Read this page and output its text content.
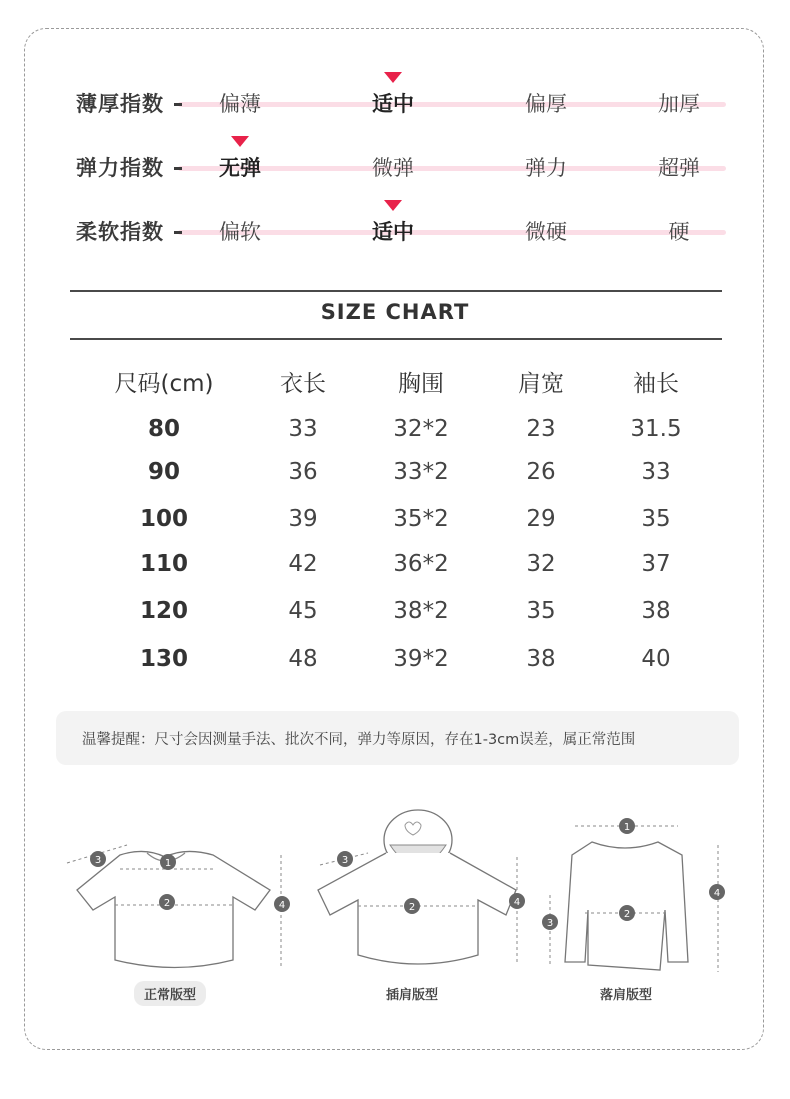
薄厚指数	偏薄	适中	偏厚	加厚
弹力指数	无弹	微弹	弹力	超弹
柔软指数	偏软	适中	微硬	硬
SIZE CHART
尺码(cm)	衣长	胸围	肩宽	袖长
80	33	32*2	23	31.5
90	36	33*2	26	33
100	39	35*2	29	35
110	42	36*2	32	37
120	45	38*2	35	38
130	48	39*2	38	40
温馨提醒：尺寸会因测量手法、批次不同，弹力等原因，存在1-3cm误差，属正常范围
1
2
3
4
正常版型
2
3
4
插肩版型
1
2
3
4
落肩版型
